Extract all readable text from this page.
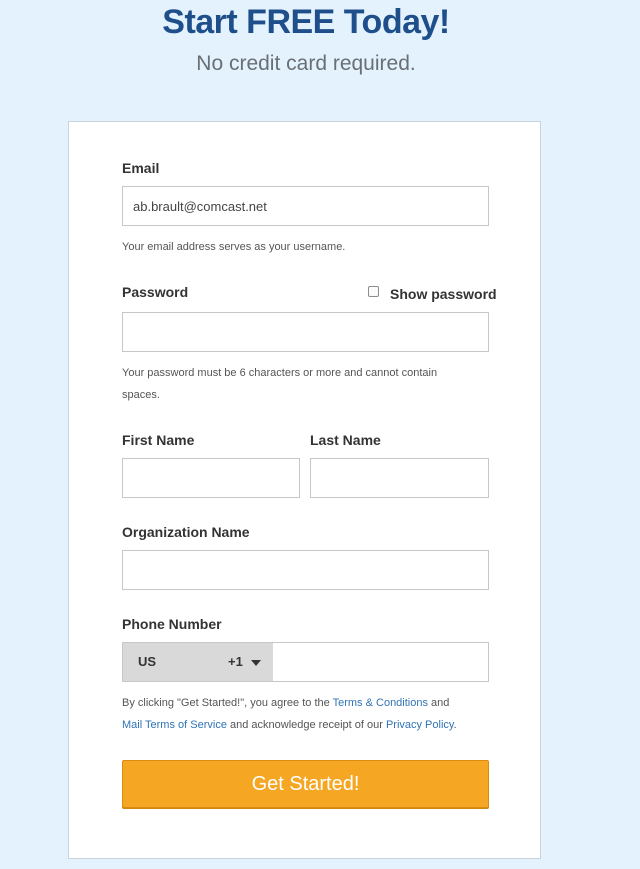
Start FREE Today!
No credit card required.
Email
ab.brault@comcast.net
Your email address serves as your username.
Password	Show password
Your password must be 6 characters or more and cannot contain
spaces.
First Name	Last Name
Organization Name
Phone Number
US	+1
By clicking "Get Started!", you agree to the Terms & Conditions and
Mail Terms of Service and acknowledge receipt of our Privacy Policy.
Get Started!
